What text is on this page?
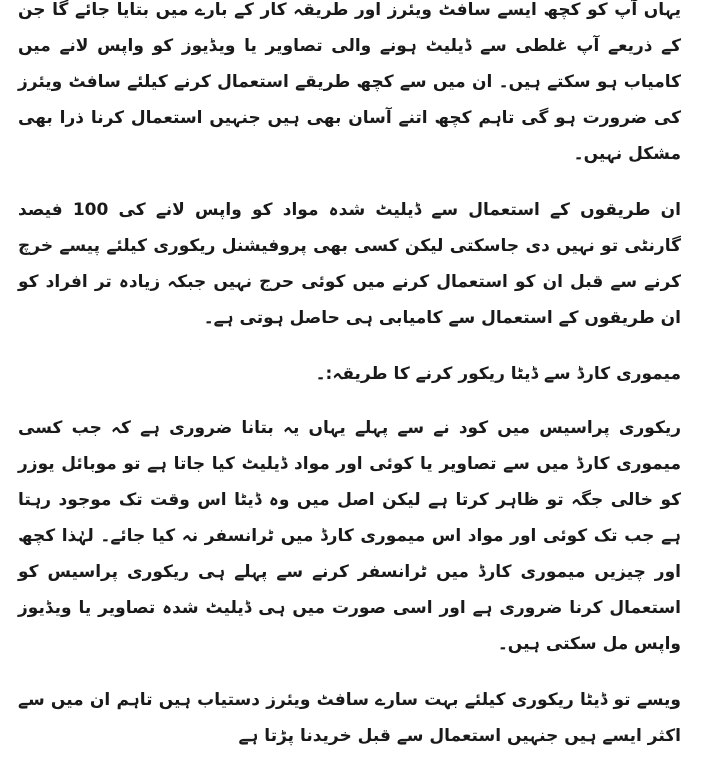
یہاں آپ کو کچھ ایسے سافٹ ویئرز اور طریقہ کار کے بارے میں بتایا جائے گا جن کے ذریعے آپ غلطی سے ڈیلیٹ ہونے والی تصاویر یا ویڈیوز کو واپس لانے میں کامیاب ہو سکتے ہیں۔ ان میں سے کچھ طریقے استعمال کرنے کیلئے سافٹ ویئرز کی ضرورت ہو گی تاہم کچھ اتنے آسان بھی ہیں جنہیں استعمال کرنا ذرا بھی مشکل نہیں۔

ان طریقوں کے استعمال سے ڈیلیٹ شدہ مواد کو واپس لانے کی 100 فیصد گارنٹی تو نہیں دی جاسکتی لیکن کسی بھی پروفیشنل ریکوری کیلئے پیسے خرچ کرنے سے قبل ان کو استعمال کرنے میں کوئی حرج نہیں جبکہ زیادہ تر افراد کو ان طریقوں کے استعمال سے کامیابی ہی حاصل ہوتی ہے۔

میموری کارڈ سے ڈیٹا ریکور کرنے کا طریقہ:۔

ریکوری پراسیس میں کود نے سے پہلے یہاں یہ بتانا ضروری ہے کہ جب کسی میموری کارڈ میں سے تصاویر یا کوئی اور مواد ڈیلیٹ کیا جاتا ہے تو موبائل یوزر کو خالی جگہ تو ظاہر کرتا ہے لیکن اصل میں وہ ڈیٹا اس وقت تک موجود رہتا ہے جب تک کوئی اور مواد اس میموری کارڈ میں ٹرانسفر نہ کیا جائے۔ لہٰذا کچھ اور چیزیں میموری کارڈ میں ٹرانسفر کرنے سے پہلے ہی ریکوری پراسیس کو استعمال کرنا ضروری ہے اور اسی صورت میں ہی ڈیلیٹ شدہ تصاویر یا ویڈیوز واپس مل سکتی ہیں۔

ویسے تو ڈیٹا ریکوری کیلئے بہت سارے سافٹ ویئرز دستیاب ہیں تاہم ان میں سے اکثر ایسے ہیں جنہیں استعمال سے قبل خریدنا پڑتا ہے
